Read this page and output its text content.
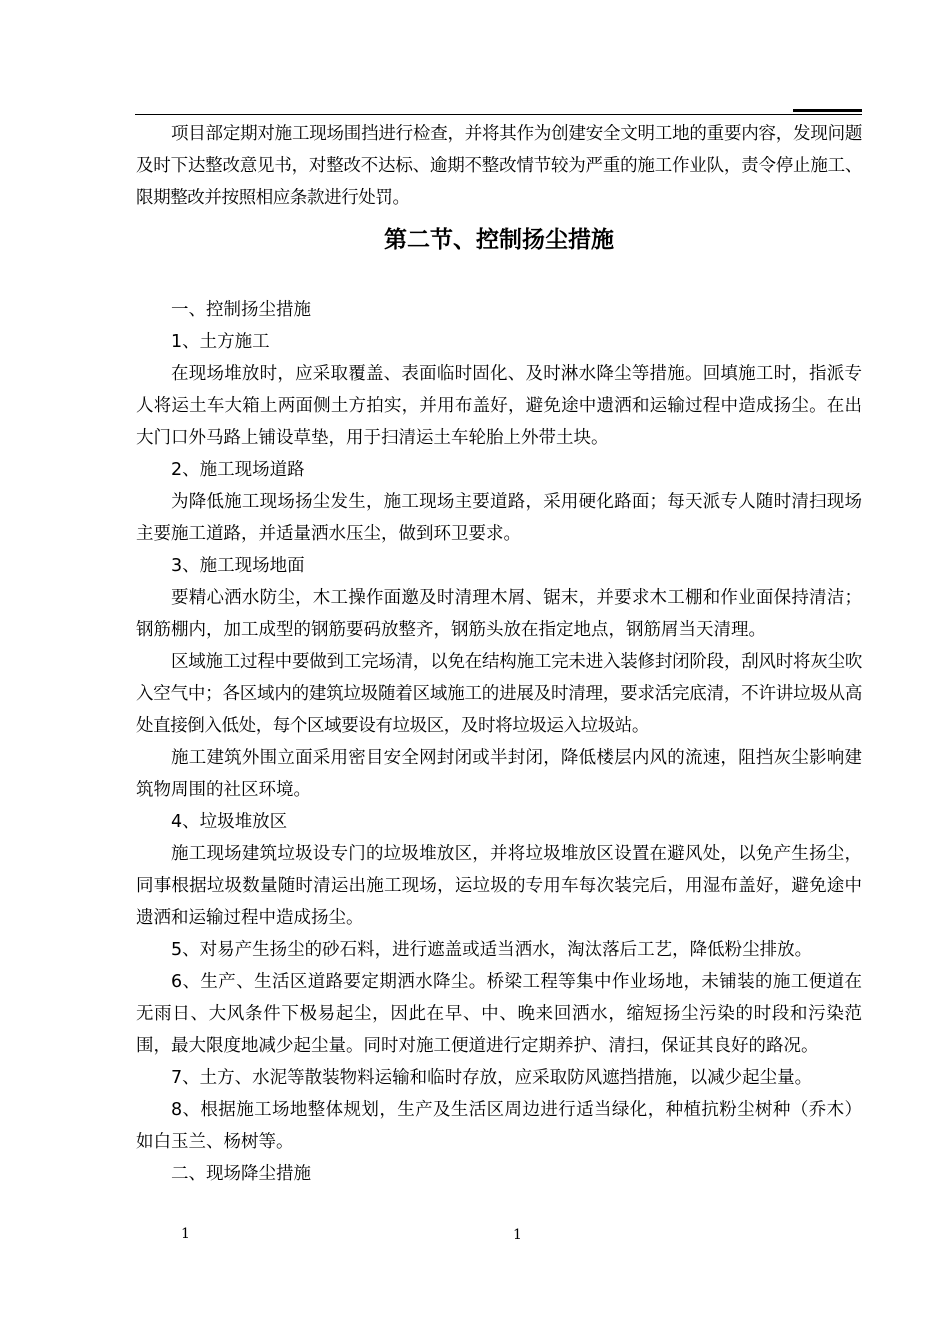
项目部定期对施工现场围挡进行检查，并将其作为创建安全文明工地的重要内容，发现问题及时下达整改意见书，对整改不达标、逾期不整改情节较为严重的施工作业队，责令停止施工、限期整改并按照相应条款进行处罚。

第二节、控制扬尘措施

一、控制扬尘措施

1、土方施工

在现场堆放时，应采取覆盖、表面临时固化、及时淋水降尘等措施。回填施工时，指派专人将运土车大箱上两面侧土方拍实，并用布盖好，避免途中遗洒和运输过程中造成扬尘。在出大门口外马路上铺设草垫，用于扫清运土车轮胎上外带土块。

2、施工现场道路

为降低施工现场扬尘发生，施工现场主要道路，采用硬化路面；每天派专人随时清扫现场主要施工道路，并适量洒水压尘，做到环卫要求。

3、施工现场地面

要精心洒水防尘，木工操作面邀及时清理木屑、锯末，并要求木工棚和作业面保持清洁；钢筋棚内，加工成型的钢筋要码放整齐，钢筋头放在指定地点，钢筋屑当天清理。

区域施工过程中要做到工完场清，以免在结构施工完未进入装修封闭阶段，刮风时将灰尘吹入空气中；各区域内的建筑垃圾随着区域施工的进展及时清理，要求活完底清，不许讲垃圾从高处直接倒入低处，每个区域要设有垃圾区，及时将垃圾运入垃圾站。

施工建筑外围立面采用密目安全网封闭或半封闭，降低楼层内风的流速，阻挡灰尘影响建筑物周围的社区环境。

4、垃圾堆放区

施工现场建筑垃圾设专门的垃圾堆放区，并将垃圾堆放区设置在避风处，以免产生扬尘，同事根据垃圾数量随时清运出施工现场，运垃圾的专用车每次装完后，用湿布盖好，避免途中遗洒和运输过程中造成扬尘。

5、对易产生扬尘的砂石料，进行遮盖或适当洒水，淘汰落后工艺，降低粉尘排放。

6、生产、生活区道路要定期洒水降尘。桥梁工程等集中作业场地，未铺装的施工便道在无雨日、大风条件下极易起尘，因此在早、中、晚来回洒水，缩短扬尘污染的时段和污染范围，最大限度地减少起尘量。同时对施工便道进行定期养护、清扫，保证其良好的路况。

7、土方、水泥等散装物料运输和临时存放，应采取防风遮挡措施，以减少起尘量。

8、根据施工场地整体规划，生产及生活区周边进行适当绿化，种植抗粉尘树种（乔木）如白玉兰、杨树等。

二、现场降尘措施

1	1
